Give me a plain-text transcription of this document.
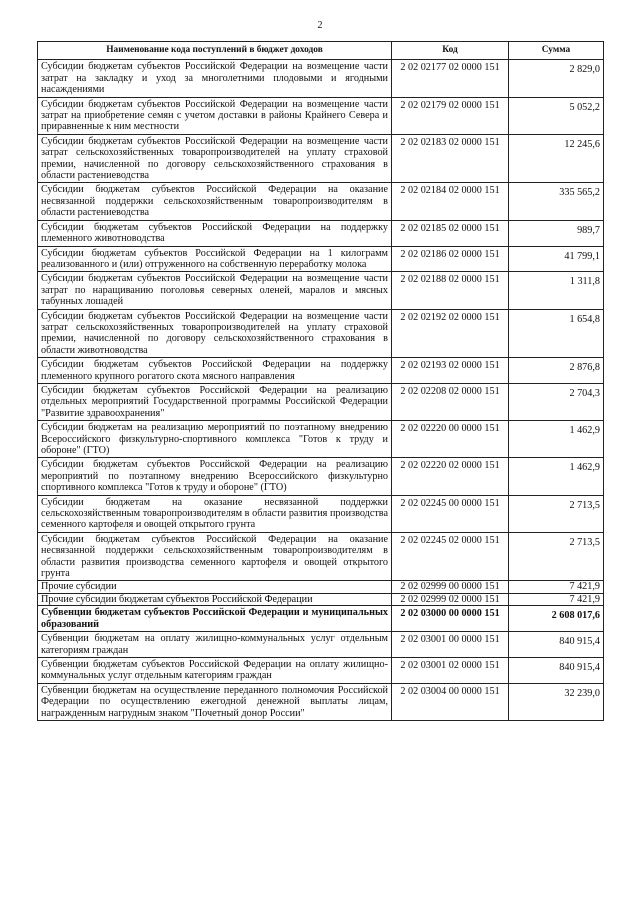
2
Наименование кода поступлений в бюджет доходов	Код	Сумма
Субсидии бюджетам субъектов Российской Федерации на возмещение части затрат на закладку и уход за многолетними плодовыми и ягодными насаждениями	2 02 02177 02 0000 151	2 829,0
Субсидии бюджетам субъектов Российской Федерации на возмещение части затрат на приобретение семян с учетом доставки в районы Крайнего Севера и приравненные к ним местности	2 02 02179 02 0000 151	5 052,2
Субсидии бюджетам субъектов Российской Федерации на возмещение части затрат сельскохозяйственных товаропроизводителей на уплату страховой премии, начисленной по договору сельскохозяйственного страхования в области растениеводства	2 02 02183 02 0000 151	12 245,6
Субсидии бюджетам субъектов Российской Федерации на оказание несвязанной поддержки сельскохозяйственным товаропроизводителям в области растениеводства	2 02 02184 02 0000 151	335 565,2
Субсидии бюджетам субъектов Российской Федерации на поддержку племенного животноводства	2 02 02185 02 0000 151	989,7
Субсидии бюджетам субъектов Российской Федерации на 1 килограмм реализованного и (или) отгруженного на собственную переработку молока	2 02 02186 02 0000 151	41 799,1
Субсидии бюджетам субъектов Российской Федерации на возмещение части затрат по наращиванию поголовья северных оленей, маралов и мясных табунных лошадей	2 02 02188 02 0000 151	1 311,8
Субсидии бюджетам субъектов Российской Федерации на возмещение части затрат сельскохозяйственных товаропроизводителей на уплату страховой премии, начисленной по договору сельскохозяйственного страхования в области животноводства	2 02 02192 02 0000 151	1 654,8
Субсидии бюджетам субъектов Российской Федерации на поддержку племенного крупного рогатого скота мясного направления	2 02 02193 02 0000 151	2 876,8
Субсидии бюджетам субъектов Российской Федерации на реализацию отдельных мероприятий Государственной программы Российской Федерации "Развитие здравоохранения"	2 02 02208 02 0000 151	2 704,3
Субсидии бюджетам на реализацию мероприятий по поэтапному внедрению Всероссийского физкультурно-спортивного комплекса "Готов к труду и обороне" (ГТО)	2 02 02220 00 0000 151	1 462,9
Субсидии бюджетам субъектов Российской Федерации на реализацию мероприятий по поэтапному внедрению Всероссийского физкультурно спортивного комплекса "Готов к труду и обороне" (ГТО)	2 02 02220 02 0000 151	1 462,9
Субсидии бюджетам на оказание несвязанной поддержки сельскохозяйственным товаропроизводителям в области развития производства семенного картофеля и овощей открытого грунта	2 02 02245 00 0000 151	2 713,5
Субсидии бюджетам субъектов Российской Федерации на оказание несвязанной поддержки сельскохозяйственным товаропроизводителям в области развития производства семенного картофеля и овощей открытого грунта	2 02 02245 02 0000 151	2 713,5
Прочие субсидии	2 02 02999 00 0000 151	7 421,9
Прочие субсидии бюджетам субъектов Российской Федерации	2 02 02999 02 0000 151	7 421,9
Субвенции бюджетам субъектов Российской Федерации и муниципальных образований	2 02 03000 00 0000 151	2 608 017,6
Субвенции бюджетам на оплату жилищно-коммунальных услуг отдельным категориям граждан	2 02 03001 00 0000 151	840 915,4
Субвенции бюджетам субъектов Российской Федерации на оплату жилищно-коммунальных услуг отдельным категориям граждан	2 02 03001 02 0000 151	840 915,4
Субвенции бюджетам на осуществление переданного полномочия Российской Федерации по осуществлению ежегодной денежной выплаты лицам, награжденным нагрудным знаком "Почетный донор России"	2 02 03004 00 0000 151	32 239,0
